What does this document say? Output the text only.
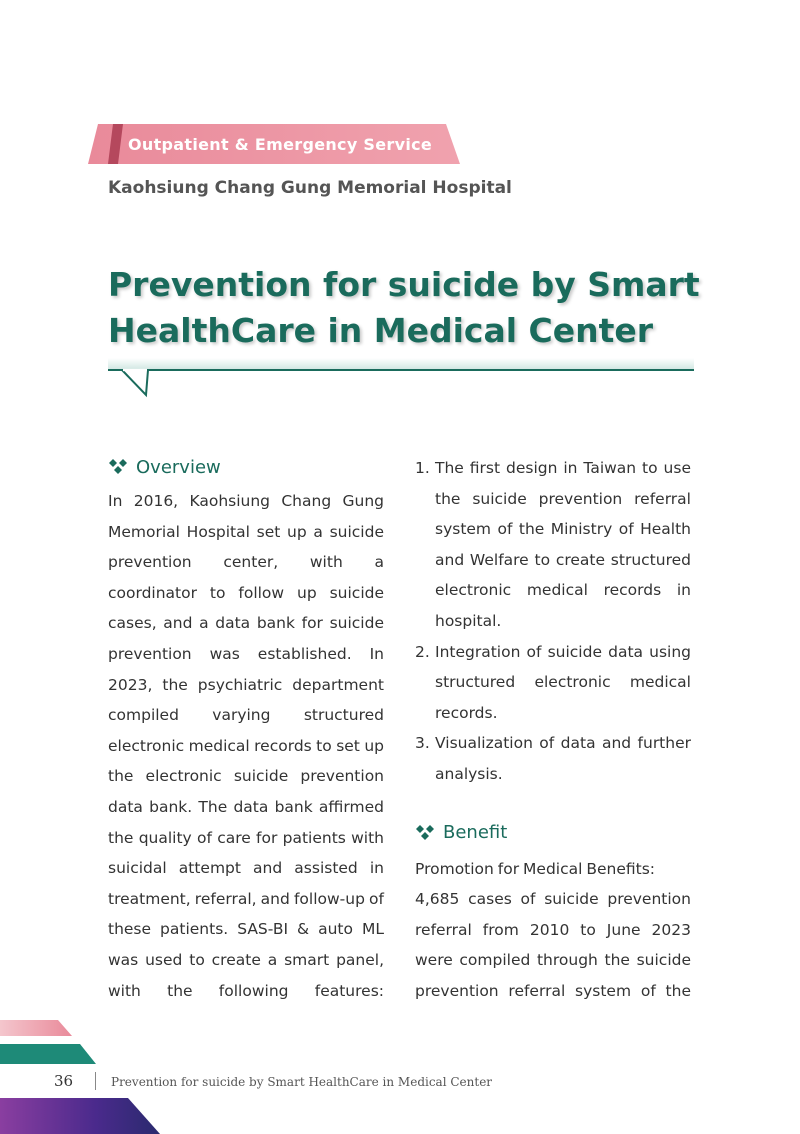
Outpatient & Emergency Service
Kaohsiung Chang Gung Memorial Hospital
Prevention for suicide by Smart
HealthCare in Medical Center
Overview

In 2016, Kaohsiung Chang Gung Memorial Hospital set up a suicide prevention center, with a coordinator to follow up suicide cases, and a data bank for suicide prevention was established. In 2023, the psychiatric department compiled varying structured electronic medical records to set up the electronic suicide prevention data bank. The data bank affirmed the quality of care for patients with suicidal attempt and assisted in treatment, referral, and follow-up of these patients. SAS-BI & auto ML was used to create a smart panel, with the following features:

1. The first design in Taiwan to use the suicide prevention referral system of the Ministry of Health and Welfare to create structured electronic medical records in hospital.
2. Integration of suicide data using structured electronic medical records.
3. Visualization of data and further analysis.
Benefit

Promotion for Medical Benefits:

4,685 cases of suicide prevention referral from 2010 to June 2023 were compiled through the suicide prevention referral system of the

36	Prevention for suicide by Smart HealthCare in Medical Center
